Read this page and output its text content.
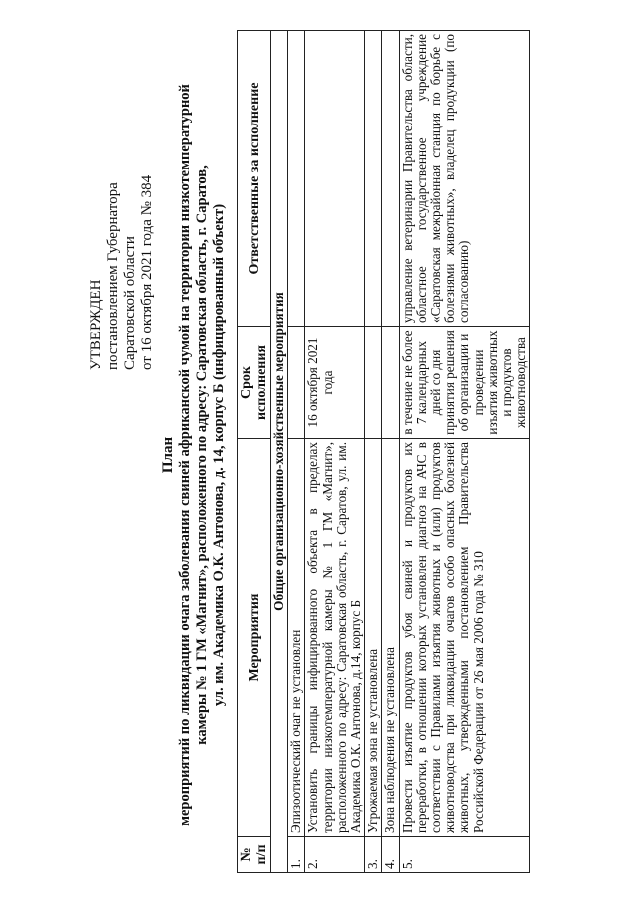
УТВЕРЖДЕН постановлением Губернатора Саратовской области от 16 октября 2021 года № 384
План мероприятий по ликвидации очага заболевания свиней африканской чумой на территории низкотемпературной камеры № 1 ГМ «Магнит», расположенного по адресу: Саратовская область, г. Саратов, ул. им. Академика О.К. Антонова, д. 14, корпус Б (инфицированный объект)
№ п/п	Мероприятия	Срок исполнения	Ответственные за исполнение
Общие организационно-хозяйственные мероприятия			
1.	Эпизоотический очаг не установлен		
2.	Установить границы инфицированного объекта в пределах территории низкотемпературной камеры № 1 ГМ «Магнит», расположенного по адресу: Саратовская область, г. Саратов, ул. им. Академика О.К. Антонова, д.14, корпус Б	16 октября 2021 года	
3.	Угрожаемая зона не установлена		
4.	Зона наблюдения не установлена		
5.	Провести изъятие продуктов убоя свиней и продуктов их переработки, в отношении которых установлен диагноз на АЧС в соответствии с Правилами изъятия животных и (или) продуктов животноводства при ликвидации очагов особо опасных болезней животных, утвержденными постановлением Правительства Российской Федерации от 26 мая 2006 года № 310	в течение не более 7 календарных дней со дня принятия решения об организации и проведении изъятия животных и продуктов животноводства	управление ветеринарии Правительства области, областное государственное учреждение «Саратовская межрайонная станция по борьбе с болезнями животных», владелец продукции (по согласованию)
